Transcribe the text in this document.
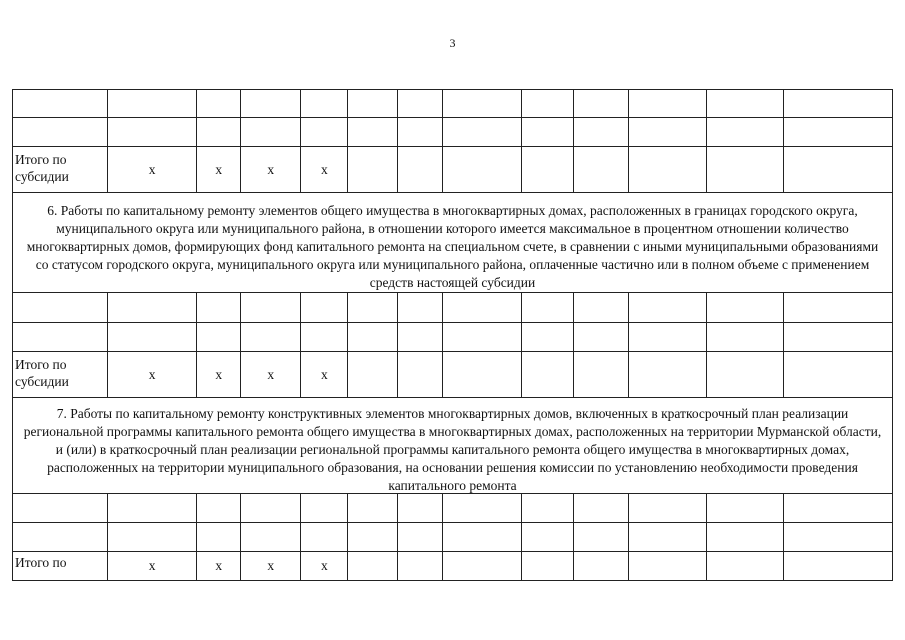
3

Итого по субсидии	x	x	x	x								
6. Работы по капитальному ремонту элементов общего имущества в многоквартирных домах, расположенных в границах городского округа, муниципального округа или муниципального района, в отношении которого имеется максимальное в процентном отношении количество многоквартирных домов, формирующих фонд капитального ремонта на специальном счете, в сравнении с иными муниципальными образованиями со статусом городского округа, муниципального округа или муниципального района, оплаченные частично или в полном объеме с применением средств настоящей субсидии

Итого по субсидии	x	x	x	x								
7. Работы по капитальному ремонту конструктивных элементов многоквартирных домов, включенных в краткосрочный план реализации региональной программы капитального ремонта общего имущества в многоквартирных домах, расположенных на территории Мурманской области, и (или) в краткосрочный план реализации региональной программы капитального ремонта общего имущества в многоквартирных домах, расположенных на территории муниципального образования, на основании решения комиссии по установлению необходимости проведения капитального ремонта

Итого по	x	x	x	x								
